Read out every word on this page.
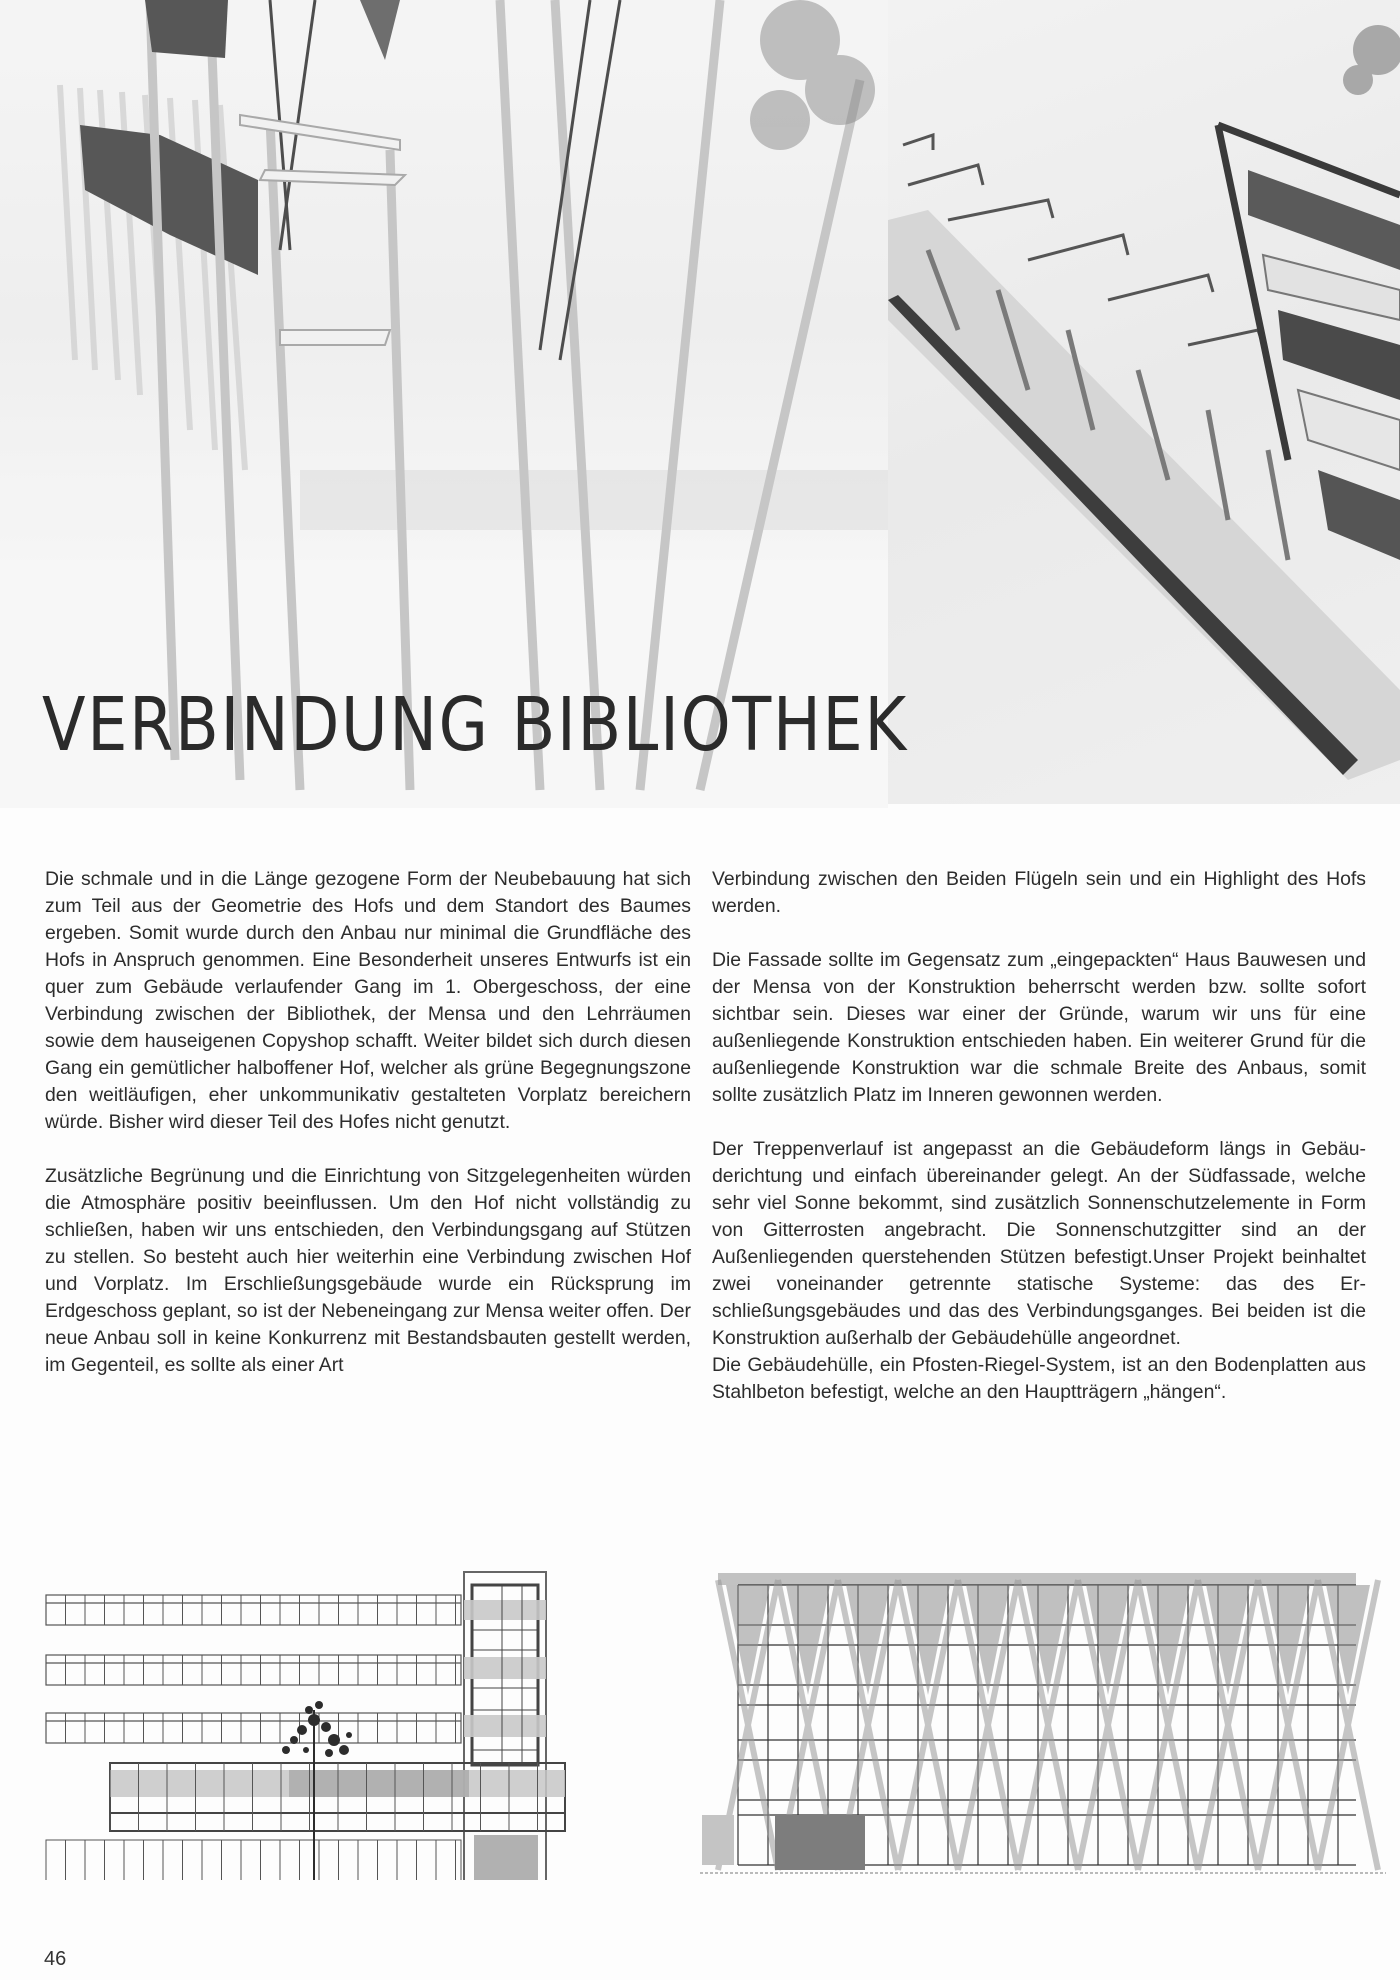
VERBINDUNG BIBLIOTHEK

Die schmale und in die Länge gezogene Form der Neubebauung hat sich zum Teil aus der Geometrie des Hofs und dem Standort des Baumes ergeben. Somit wurde durch den Anbau nur minimal die Grundfläche des Hofs in Anspruch genommen. Eine Besonderheit unseres Entwurfs ist ein quer zum Gebäude verlaufender Gang im 1. Obergeschoss, der eine Verbindung zwischen der Bibliothek, der Mensa und den Lehrräumen sowie dem hauseigenen Copyshop schafft. Weiter bildet sich durch diesen Gang ein gemütlicher halboffener Hof, welcher als grüne Begegnungszone den weitläufigen, eher unkommunikativ gestalteten Vorplatz bereichern würde. Bisher wird dieser Teil des Hofes nicht genutzt.

Zusätzliche Begrünung und die Einrichtung von Sitzgelegenheiten würden die Atmosphäre positiv beeinflussen. Um den Hof nicht vollständig zu schließen, haben wir uns entschieden, den Verbindungsgang auf Stützen zu stellen. So besteht auch hier weiterhin eine Verbindung zwischen Hof und Vorplatz. Im Erschließungsgebäude wurde ein Rücksprung im Erdgeschoss geplant, so ist der Nebeneingang zur Mensa weiter offen. Der neue Anbau soll in keine Konkurrenz mit Bestandsbauten gestellt werden, im Gegenteil, es sollte als einer Art

Verbindung zwischen den Beiden Flügeln sein und ein Highlight des Hofs werden.

Die Fassade sollte im Gegensatz zum „eingepackten“ Haus Bauwesen und der Mensa von der Konstruktion beherrscht werden bzw. sollte sofort sichtbar sein. Dieses war einer der Gründe, warum wir uns für eine außenliegende Konstruktion entschieden haben. Ein weiterer Grund für die außenliegende Konstruktion war die schmale Breite des Anbaus, somit sollte zusätzlich Platz im Inneren gewonnen werden.

Der Treppenverlauf ist angepasst an die Gebäudeform längs in Gebäuderichtung und einfach übereinander gelegt. An der Südfassade, welche sehr viel Sonne bekommt, sind zusätzlich Sonnenschutzelemente in Form von Gitterrosten angebracht. Die Sonnenschutzgitter sind an der Außenliegenden querstehenden Stützen befestigt.Unser Projekt beinhaltet zwei voneinander getrennte statische Systeme: das des Erschließungsgebäudes und das des Verbindungsganges. Bei beiden ist die Konstruktion außerhalb der Gebäudehülle angeordnet.

Die Gebäudehülle, ein Pfosten-Riegel-System, ist an den Bodenplatten aus Stahlbeton befestigt, welche an den Hauptträgern „hängen“.

46
